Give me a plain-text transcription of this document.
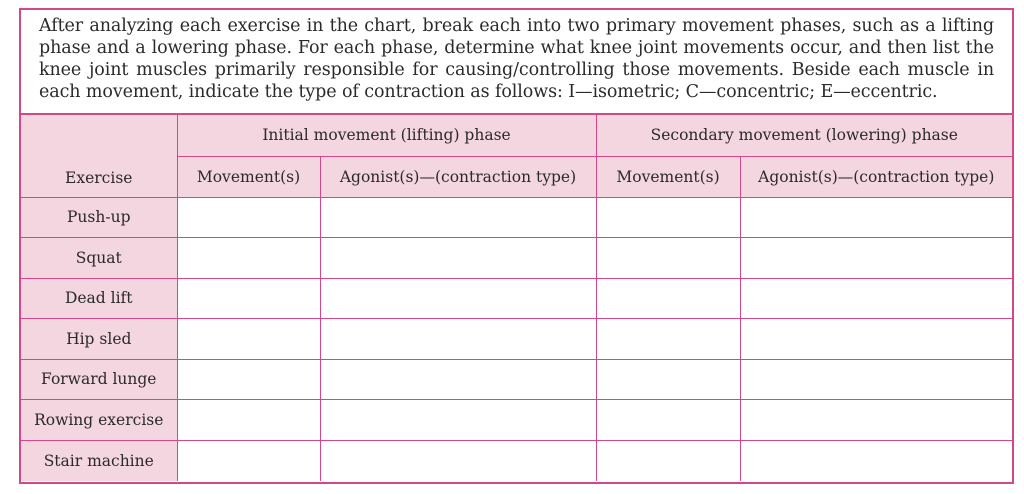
After analyzing each exercise in the chart, break each into two primary movement phases, such as a lifting phase and a lowering phase. For each phase, determine what knee joint movements occur, and then list the knee joint muscles primarily responsible for causing/controlling those movements. Beside each muscle in each movement, indicate the type of contraction as follows: I—isometric; C—concentric; E—eccentric.
Exercise	Initial movement (lifting) phase		Secondary movement (lowering) phase	
	Movement(s)	Agonist(s)—(contraction type)	Movement(s)	Agonist(s)—(contraction type)
Push-up				
Squat				
Dead lift				
Hip sled				
Forward lunge				
Rowing exercise				
Stair machine				
